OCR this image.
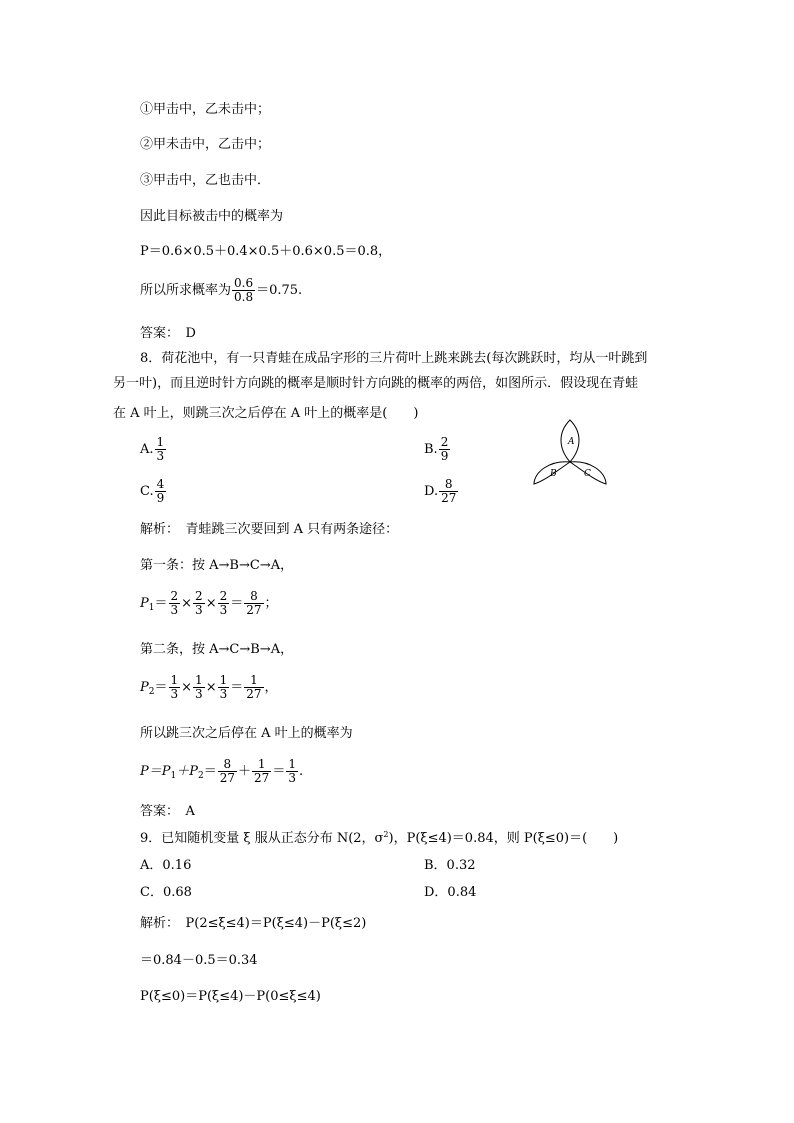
①甲击中，乙未击中；
②甲未击中，乙击中；
③甲击中，乙也击中．
因此目标被击中的概率为
P＝0.6×0.5＋0.4×0.5＋0.6×0.5＝0.8，
所以所求概率为 $\frac{0.6}{0.8} =0.75$.
答案：　D
8．荷花池中，有一只青蛙在成品字形的三片荷叶上跳来跳去(每次跳跃时，均从一叶跳到
另一叶)，而且逆时针方向跳的概率是顺时针方向跳的概率的两倍，如图所示．假设现在青蛙
在 A 叶上，则跳三次之后停在 A 叶上的概率是(　　)
A. $\frac{1}{3}$	B. $\frac{2}{9}$
C. $\frac{4}{9}$	D. $\frac{8}{27}$
A
B	C
解析：　青蛙跳三次要回到 A 只有两条途径：
第一条：按 A→B→C→A，
P $1 = \frac{2}{3} \times \frac{2}{3} \times \frac{2}{3} = \frac{8}{27}$ ；
第二条，按 A→C→B→A，
P $2 = \frac{1}{3} \times \frac{1}{3} \times \frac{1}{3} = \frac{1}{27}$ ，
所以跳三次之后停在 A 叶上的概率为
P＝P 1 ＋P $2 = \frac{8}{27} + \frac{1}{27} = \frac{1}{3}$ .
答案：　A
9．已知随机变量 ξ 服从正态分布 N(2，$\sigma^2$)，P(ξ≤4)＝0.84，则 P(ξ≤0)＝(　　)
A．0.16	B．0.32
C．0.68	D．0.84
解析：　P(2≤ξ≤4)＝P(ξ≤4)－P(ξ≤2)
＝0.84－0.5＝0.34
P(ξ≤0)＝P(ξ≤4)－P(0≤ξ≤4)
